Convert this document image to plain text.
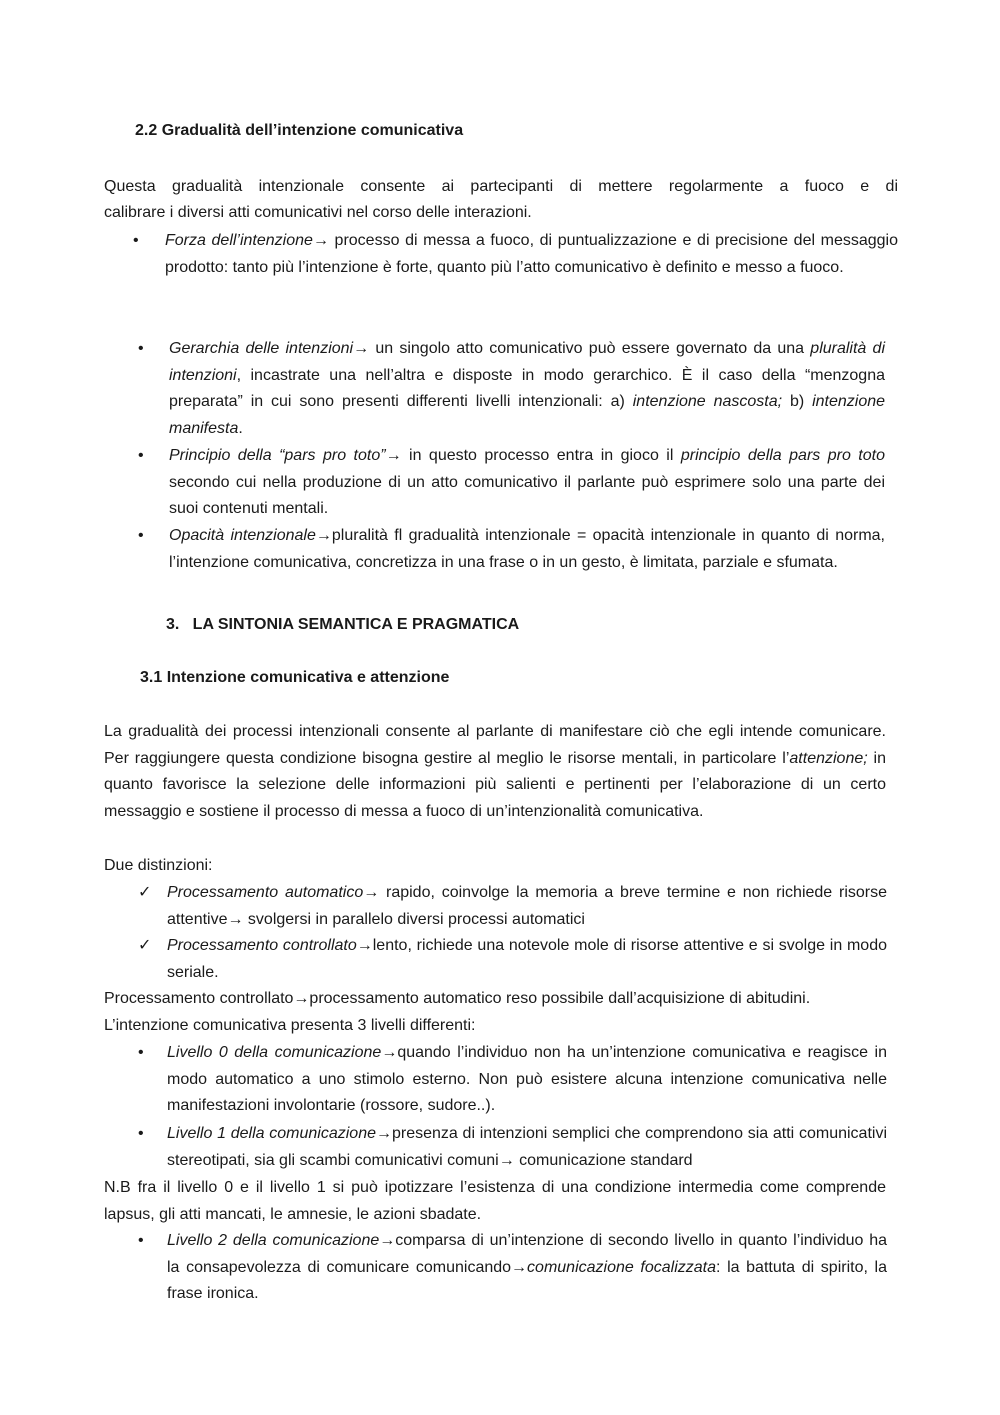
2.2 Gradualità dell’intenzione comunicativa
Questa gradualità intenzionale consente ai partecipanti di mettere regolarmente a fuoco e di
calibrare i diversi atti comunicativi nel corso delle interazioni.
• Forza dell’intenzione→ processo di messa a fuoco, di puntualizzazione e di precisione del messaggio prodotto: tanto più l’intenzione è forte, quanto più l’atto comunicativo è definito e messo a fuoco.
• Gerarchia delle intenzioni→ un singolo atto comunicativo può essere governato da una pluralità di intenzioni, incastrate una nell’altra e disposte in modo gerarchico. È il caso della “menzogna preparata” in cui sono presenti differenti livelli intenzionali: a) intenzione nascosta; b) intenzione manifesta.
• Principio della “pars pro toto”→ in questo processo entra in gioco il principio della pars pro toto secondo cui nella produzione di un atto comunicativo il parlante può esprimere solo una parte dei suoi contenuti mentali.
• Opacità intenzionale→pluralità ﬂ gradualità intenzionale = opacità intenzionale in quanto di norma, l’intenzione comunicativa, concretizza in una frase o in un gesto, è limitata, parziale e sfumata.
3.   LA SINTONIA SEMANTICA E PRAGMATICA
3.1 Intenzione comunicativa e attenzione
La gradualità dei processi intenzionali consente al parlante di manifestare ciò che egli intende comunicare. Per raggiungere questa condizione bisogna gestire al meglio le risorse mentali, in particolare l’attenzione; in quanto favorisce la selezione delle informazioni più salienti e pertinenti per l’elaborazione di un certo messaggio e sostiene il processo di messa a fuoco di un’intenzionalità comunicativa.
Due distinzioni:
✓ Processamento automatico→ rapido, coinvolge la memoria a breve termine e non richiede risorse attentive→ svolgersi in parallelo diversi processi automatici
✓ Processamento controllato→lento, richiede una notevole mole di risorse attentive e si svolge in modo seriale.
Processamento controllato→processamento automatico reso possibile dall’acquisizione di abitudini.
L’intenzione comunicativa presenta 3 livelli differenti:
• Livello 0 della comunicazione→quando l’individuo non ha un’intenzione comunicativa e reagisce in modo automatico a uno stimolo esterno. Non può esistere alcuna intenzione comunicativa nelle manifestazioni involontarie (rossore, sudore..).
• Livello 1 della comunicazione→presenza di intenzioni semplici che comprendono sia atti comunicativi stereotipati, sia gli scambi comunicativi comuni→ comunicazione standard
N.B fra il livello 0 e il livello 1 si può ipotizzare l’esistenza di una condizione intermedia come comprende lapsus, gli atti mancati, le amnesie, le azioni sbadate.
• Livello 2 della comunicazione→comparsa di un’intenzione di secondo livello in quanto l’individuo ha la consapevolezza di comunicare comunicando→comunicazione focalizzata: la battuta di spirito, la frase ironica.
